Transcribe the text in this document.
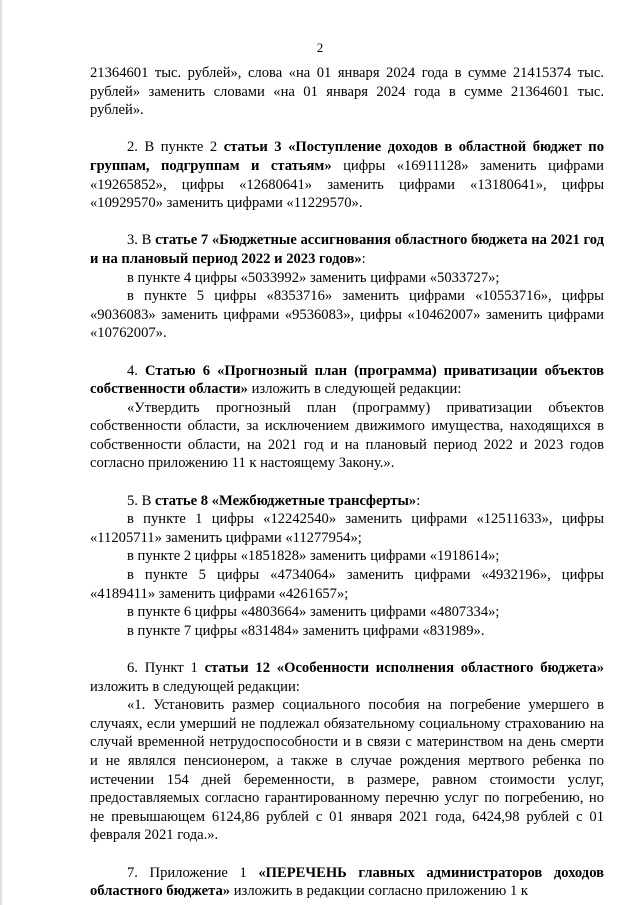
2

21364601 тыс. рублей», слова «на 01 января 2024 года в сумме 21415374 тыс. рублей» заменить словами «на 01 января 2024 года в сумме 21364601 тыс. рублей».

2. В пункте 2 статьи 3 «Поступление доходов в областной бюджет по группам, подгруппам и статьям» цифры «16911128» заменить цифрами «19265852», цифры «12680641» заменить цифрами «13180641», цифры «10929570» заменить цифрами «11229570».

3. В статье 7 «Бюджетные ассигнования областного бюджета на 2021 год и на плановый период 2022 и 2023 годов»:

в пункте 4 цифры «5033992» заменить цифрами «5033727»;

в пункте 5 цифры «8353716» заменить цифрами «10553716», цифры «9036083» заменить цифрами «9536083», цифры «10462007» заменить цифрами «10762007».

4. Статью 6 «Прогнозный план (программа) приватизации объектов собственности области» изложить в следующей редакции:

«Утвердить прогнозный план (программу) приватизации объектов собственности области, за исключением движимого имущества, находящихся в собственности области, на 2021 год и на плановый период 2022 и 2023 годов согласно приложению 11 к настоящему Закону.».

5. В статье 8 «Межбюджетные трансферты»:

в пункте 1 цифры «12242540» заменить цифрами «12511633», цифры «11205711» заменить цифрами «11277954»;

в пункте 2 цифры «1851828» заменить цифрами «1918614»;

в пункте 5 цифры «4734064» заменить цифрами «4932196», цифры «4189411» заменить цифрами «4261657»;

в пункте 6 цифры «4803664» заменить цифрами «4807334»;

в пункте 7 цифры «831484» заменить цифрами «831989».

6. Пункт 1 статьи 12 «Особенности исполнения областного бюджета» изложить в следующей редакции:

«1. Установить размер социального пособия на погребение умершего в случаях, если умерший не подлежал обязательному социальному страхованию на случай временной нетрудоспособности и в связи с материнством на день смерти и не являлся пенсионером, а также в случае рождения мертвого ребенка по истечении 154 дней беременности, в размере, равном стоимости услуг, предоставляемых согласно гарантированному перечню услуг по погребению, но не превышающем 6124,86 рублей с 01 января 2021 года, 6424,98 рублей с 01 февраля 2021 года.».

7. Приложение 1 «ПЕРЕЧЕНЬ главных администраторов доходов областного бюджета» изложить в редакции согласно приложению 1 к
